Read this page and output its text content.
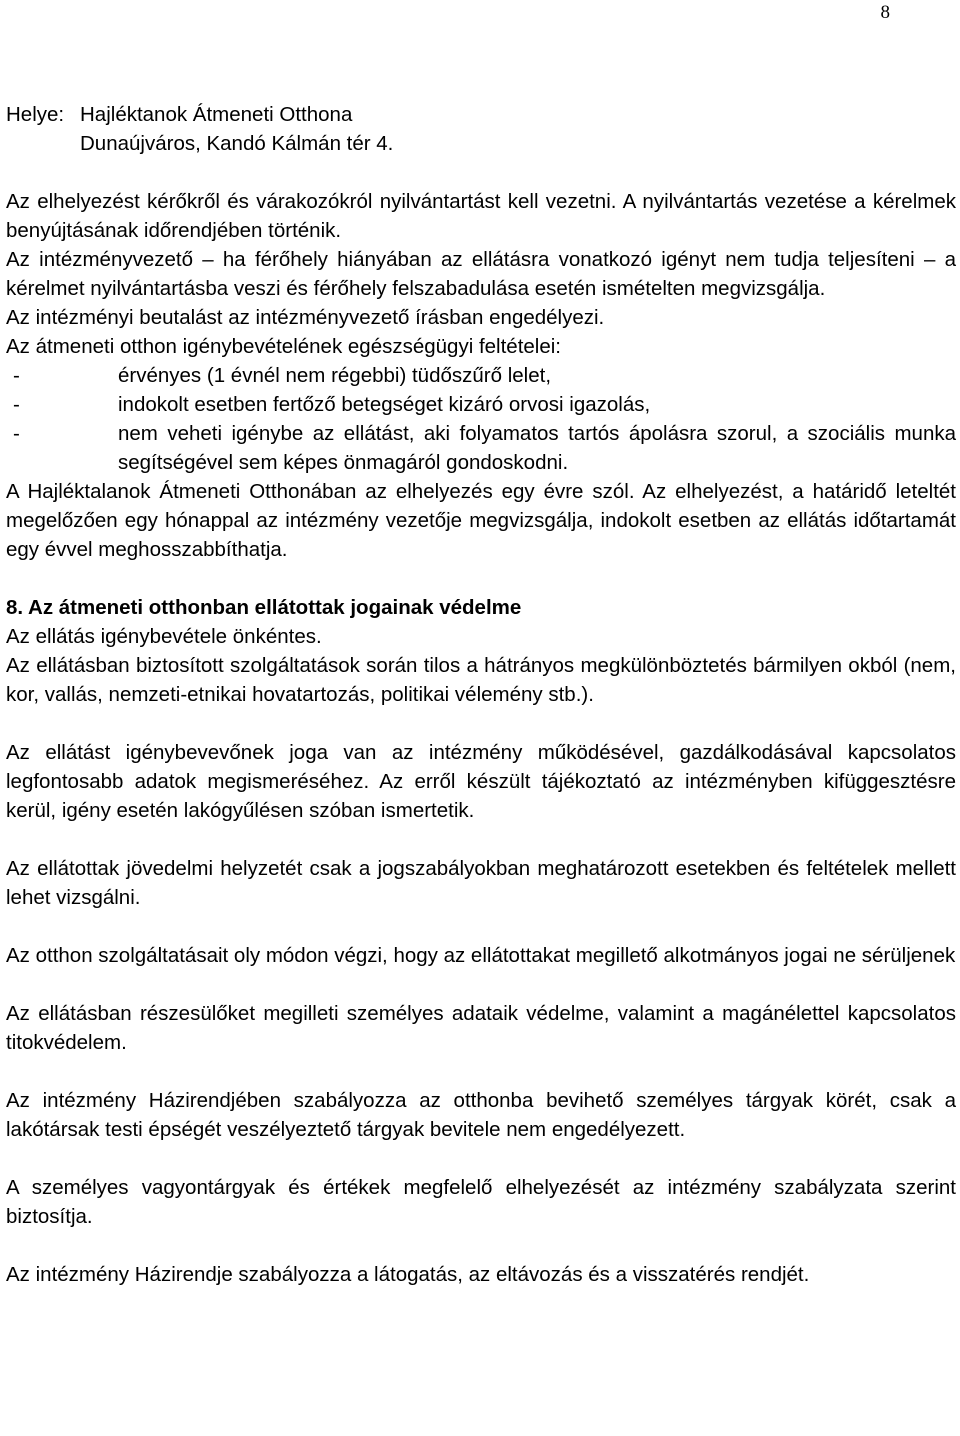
8
Helye: Hajléktanok Átmeneti Otthona
Dunaújváros, Kandó Kálmán tér 4.

Az elhelyezést kérőkről és várakozókról nyilvántartást kell vezetni. A nyilvántartás vezetése a kérelmek benyújtásának időrendjében történik.

Az intézményvezető – ha férőhely hiányában az ellátásra vonatkozó igényt nem tudja teljesíteni – a kérelmet nyilvántartásba veszi és férőhely felszabadulása esetén ismételten megvizsgálja.

Az intézményi beutalást az intézményvezető írásban engedélyezi.

Az átmeneti otthon igénybevételének egészségügyi feltételei:

-	érvényes (1 évnél nem régebbi) tüdőszűrő lelet,
-	indokolt esetben fertőző betegséget kizáró orvosi igazolás,
-	nem veheti igénybe az ellátást, aki folyamatos tartós ápolásra szorul, a szociális munka segítségével sem képes önmagáról gondoskodni.

A Hajléktalanok Átmeneti Otthonában az elhelyezés egy évre szól. Az elhelyezést, a határidő leteltét megelőzően egy hónappal az intézmény vezetője megvizsgálja, indokolt esetben az ellátás időtartamát egy évvel meghosszabbíthatja.

8. Az átmeneti otthonban ellátottak jogainak védelme

Az ellátás igénybevétele önkéntes.

Az ellátásban biztosított szolgáltatások során tilos a hátrányos megkülönböztetés bármilyen okból (nem, kor, vallás, nemzeti-etnikai hovatartozás, politikai vélemény stb.).

Az ellátást igénybevevőnek joga van az intézmény működésével, gazdálkodásával kapcsolatos legfontosabb adatok megismeréséhez. Az erről készült tájékoztató az intézményben kifüggesztésre kerül, igény esetén lakógyűlésen szóban ismertetik.

Az ellátottak jövedelmi helyzetét csak a jogszabályokban meghatározott esetekben és feltételek mellett lehet vizsgálni.

Az otthon szolgáltatásait oly módon végzi, hogy az ellátottakat megillető alkotmányos jogai ne sérüljenek

Az ellátásban részesülőket megilleti személyes adataik védelme, valamint a magánélettel kapcsolatos titokvédelem.

Az intézmény Házirendjében szabályozza az otthonba bevihető személyes tárgyak körét, csak a lakótársak testi épségét veszélyeztető tárgyak bevitele nem engedélyezett.

A személyes vagyontárgyak és értékek megfelelő elhelyezését az intézmény szabályzata szerint biztosítja.

Az intézmény Házirendje szabályozza a látogatás, az eltávozás és a visszatérés rendjét.
